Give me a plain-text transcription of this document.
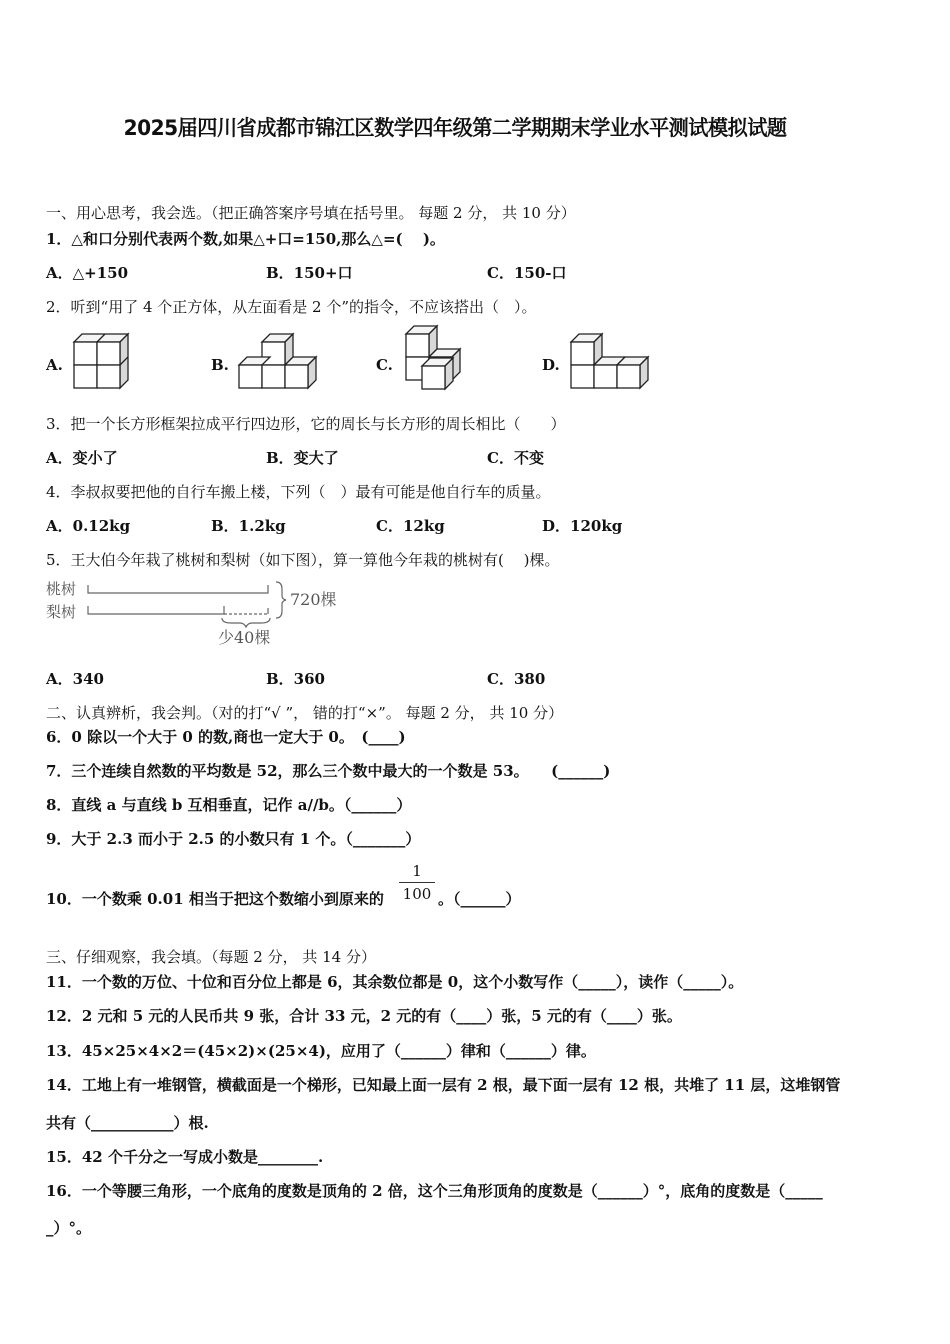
2025届四川省成都市锦江区数学四年级第二学期期末学业水平测试模拟试题
一、用心思考，我会选。（把正确答案序号填在括号里。 每题 2 分， 共 10 分）
1．△和口分别代表两个数,如果△+口=150,那么△=(　 )。
A．△+150	B．150+口	C．150-口
2．听到“用了 4 个正方体，从左面看是 2 个”的指令，不应该搭出（　）。
A.	B.	C.	D.
3．把一个长方形框架拉成平行四边形，它的周长与长方形的周长相比（　　）
A．变小了	B．变大了	C．不变
4．李叔叔要把他的自行车搬上楼，下列（　）最有可能是他自行车的质量。
A．0.12kg	B．1.2kg	C．12kg	D．120kg
5．王大伯今年栽了桃树和梨树（如下图），算一算他今年栽的桃树有(　 )棵。
桃树
梨树
720棵
少40棵
A．340	B．360	C．380
二、认真辨析，我会判。（对的打“√ ”， 错的打“×”。 每题 2 分， 共 10 分）
6．0 除以一个大于 0 的数,商也一定大于 0。　(____)
7．三个连续自然数的平均数是 52，那么三个数中最大的一个数是 53。　　(______)
8．直线 a 与直线 b 互相垂直，记作 a//b。（______）
9．大于 2.3 而小于 2.5 的小数只有 1 个。（_______）
10．一个数乘 0.01 相当于把这个数缩小到原来的 $\frac{1}{100}$ 。（______）
三、仔细观察，我会填。（每题 2 分， 共 14 分）
11．一个数的万位、十位和百分位上都是 6，其余数位都是 0，这个小数写作（_____），读作（_____）。
12．2 元和 5 元的人民币共 9 张，合计 33 元，2 元的有（____）张，5 元的有（____）张。
13．45×25×4×2＝(45×2)×(25×4)，应用了（______）律和（______）律。
14．工地上有一堆钢管，横截面是一个梯形，已知最上面一层有 2 根，最下面一层有 12 根，共堆了 11 层，这堆钢管
共有（___________）根.
15．42 个千分之一写成小数是________.
16．一个等腰三角形，一个底角的度数是顶角的 2 倍，这个三角形顶角的度数是（______）°，底角的度数是（_____
_）°。
